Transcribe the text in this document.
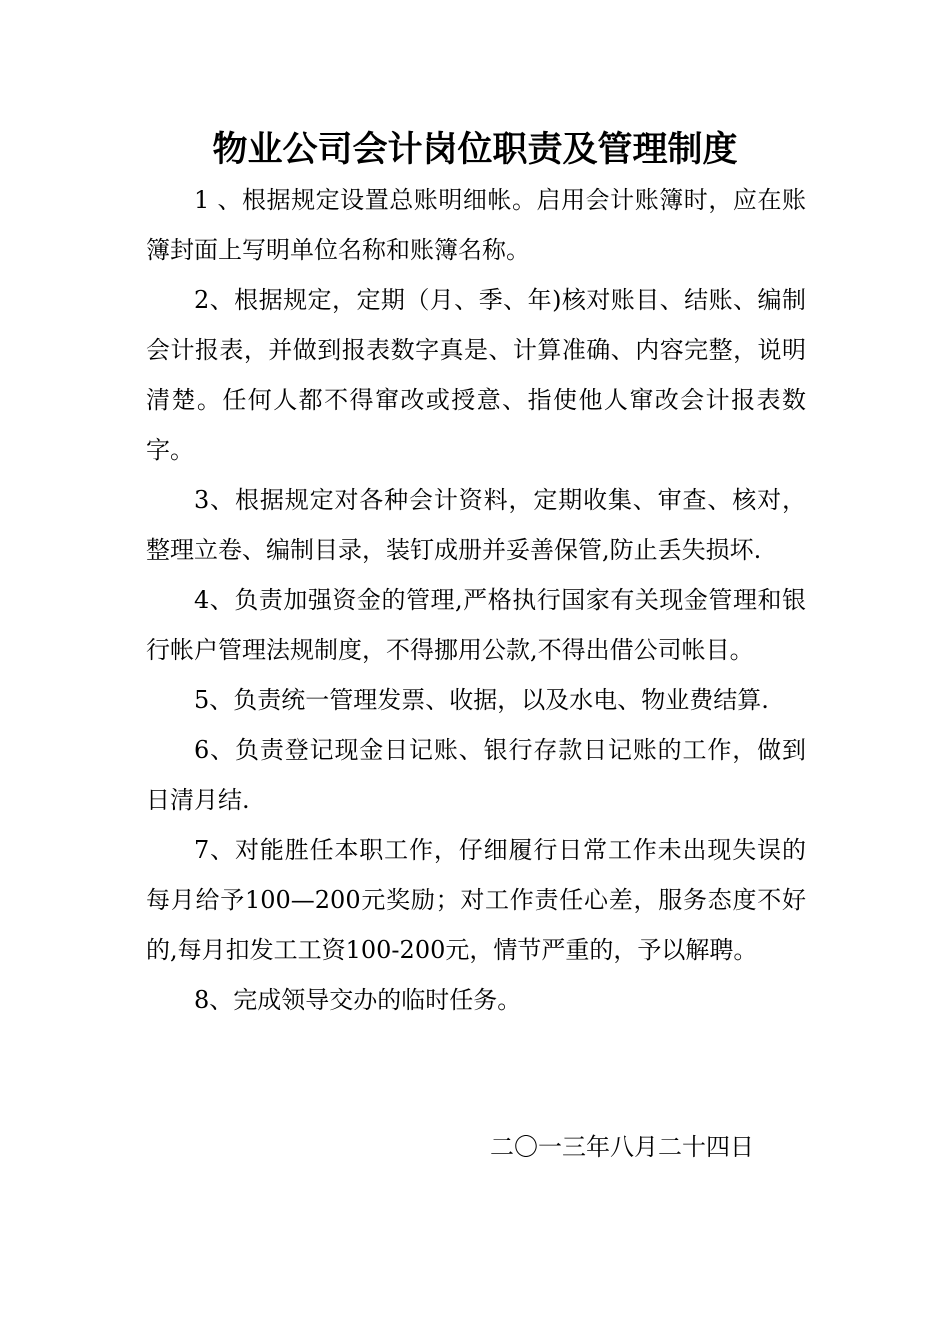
物业公司会计岗位职责及管理制度

1 、根据规定设置总账明细帐。启用会计账簿时，应在账簿封面上写明单位名称和账簿名称。

2、根据规定，定期（月、季、年)核对账目、结账、编制会计报表，并做到报表数字真是、计算准确、内容完整，说明清楚。任何人都不得窜改或授意、指使他人窜改会计报表数字。

3、根据规定对各种会计资料，定期收集、审查、核对，整理立卷、编制目录，装钉成册并妥善保管,防止丢失损坏.

4、负责加强资金的管理,严格执行国家有关现金管理和银行帐户管理法规制度，不得挪用公款,不得出借公司帐目。

5、负责统一管理发票、收据，以及水电、物业费结算.

6、负责登记现金日记账、银行存款日记账的工作，做到日清月结.

7、对能胜任本职工作，仔细履行日常工作未出现失误的每月给予100—200元奖励；对工作责任心差，服务态度不好的,每月扣发工工资100-200元，情节严重的，予以解聘。

8、完成领导交办的临时任务。

二〇一三年八月二十四日
